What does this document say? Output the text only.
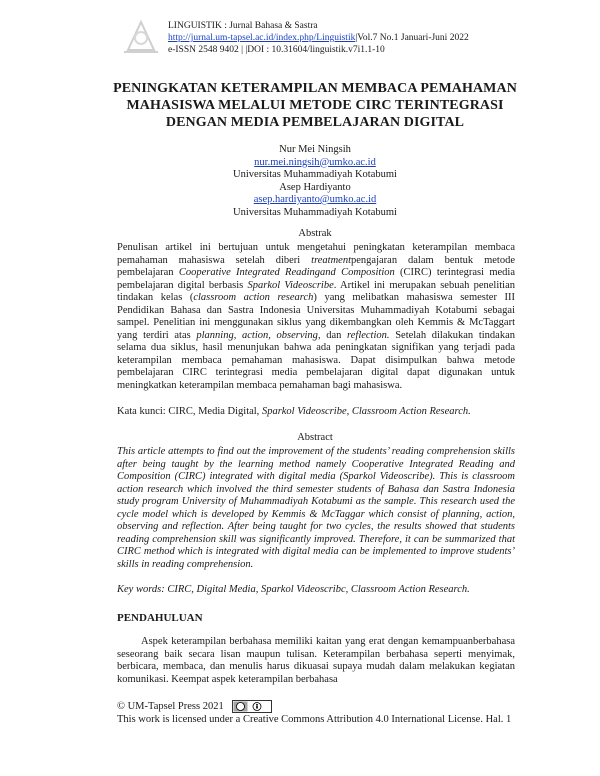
LINGUISTIK : Jurnal Bahasa & Sastra
http://jurnal.um-tapsel.ac.id/index.php/Linguistik|Vol.7 No.1 Januari-Juni 2022
e-ISSN 2548 9402 | |DOI : 10.31604/linguistik.v7i1.1-10
PENINGKATAN KETERAMPILAN MEMBACA PEMAHAMAN
MAHASISWA MELALUI METODE CIRC TERINTEGRASI
DENGAN MEDIA PEMBELAJARAN DIGITAL
Nur Mei Ningsih
nur.mei.ningsih@umko.ac.id
Universitas Muhammadiyah Kotabumi
Asep Hardiyanto
asep.hardiyanto@umko.ac.id
Universitas Muhammadiyah Kotabumi
Abstrak

Penulisan artikel ini bertujuan untuk mengetahui peningkatan keterampilan membaca pemahaman mahasiswa setelah diberi treatmentpengajaran dalam bentuk metode pembelajaran Cooperative Integrated Readingand Composition (CIRC) terintegrasi media pembelajaran digital berbasis Sparkol Videoscribe. Artikel ini merupakan sebuah penelitian tindakan kelas (classroom action research) yang melibatkan mahasiswa semester III Pendidikan Bahasa dan Sastra Indonesia Universitas Muhammadiyah Kotabumi sebagai sampel. Penelitian ini menggunakan siklus yang dikembangkan oleh Kemmis & McTaggart yang terdiri atas planning, action, observing, dan reflection. Setelah dilakukan tindakan selama dua siklus, hasil menunjukan bahwa ada peningkatan signifikan yang terjadi pada keterampilan membaca pemahaman mahasiswa. Dapat disimpulkan bahwa metode pembelajaran CIRC terintegrasi media pembelajaran digital dapat digunakan untuk meningkatkan keterampilan membaca pemahaman bagi mahasiswa.

Kata kunci: CIRC, Media Digital, Sparkol Videoscribe, Classroom Action Research.

Abstract

This article attempts to find out the improvement of the students’ reading comprehension skills after being taught by the learning method namely Cooperative Integrated Reading and Composition (CIRC) integrated with digital media (Sparkol Videoscribe). This is classroom action research which involved the third semester students of Bahasa dan Sastra Indonesia study program University of Muhammadiyah Kotabumi as the sample. This research used the cycle model which is developed by Kemmis & McTaggar which consist of planning, action, observing and reflection. After being taught for two cycles, the results showed that students reading comprehension skill was significantly improved. Therefore, it can be summarized that CIRC method which is integrated with digital media can be implemented to improve students’ skills in reading comprehension.

Key words: CIRC, Digital Media, Sparkol Videoscribc, Classroom Action Research.

PENDAHULUAN

Aspek keterampilan berbahasa memiliki kaitan yang erat dengan kemampuanberbahasa seseorang baik secara lisan maupun tulisan. Keterampilan berbahasa seperti menyimak, berbicara, membaca, dan menulis harus dikuasai supaya mudah dalam melakukan kegiatan komunikasi. Keempat aspek keterampilan berbahasa

© UM-Tapsel Press 2021
This work is licensed under a Creative Commons Attribution 4.0 International License. Hal. 1
